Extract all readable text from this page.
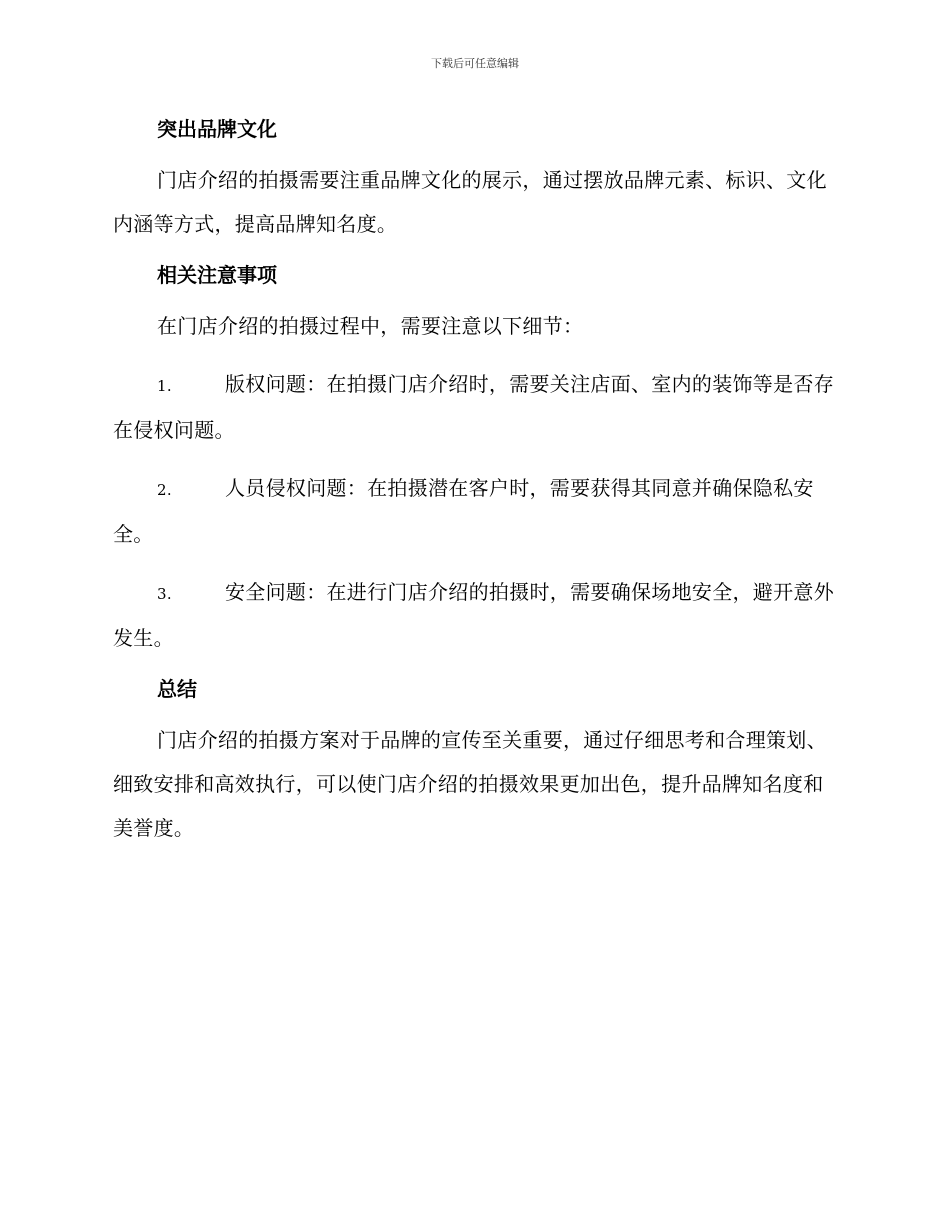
下载后可任意编辑
突出品牌文化

门店介绍的拍摄需要注重品牌文化的展示，通过摆放品牌元素、标识、文化内涵等方式，提高品牌知名度。

相关注意事项

在门店介绍的拍摄过程中，需要注意以下细节：

1.	版权问题：在拍摄门店介绍时，需要关注店面、室内的装饰等是否存在侵权问题。

2.	人员侵权问题：在拍摄潜在客户时，需要获得其同意并确保隐私安全。

3.	安全问题：在进行门店介绍的拍摄时，需要确保场地安全，避开意外发生。

总结

门店介绍的拍摄方案对于品牌的宣传至关重要，通过仔细思考和合理策划、细致安排和高效执行，可以使门店介绍的拍摄效果更加出色，提升品牌知名度和美誉度。
